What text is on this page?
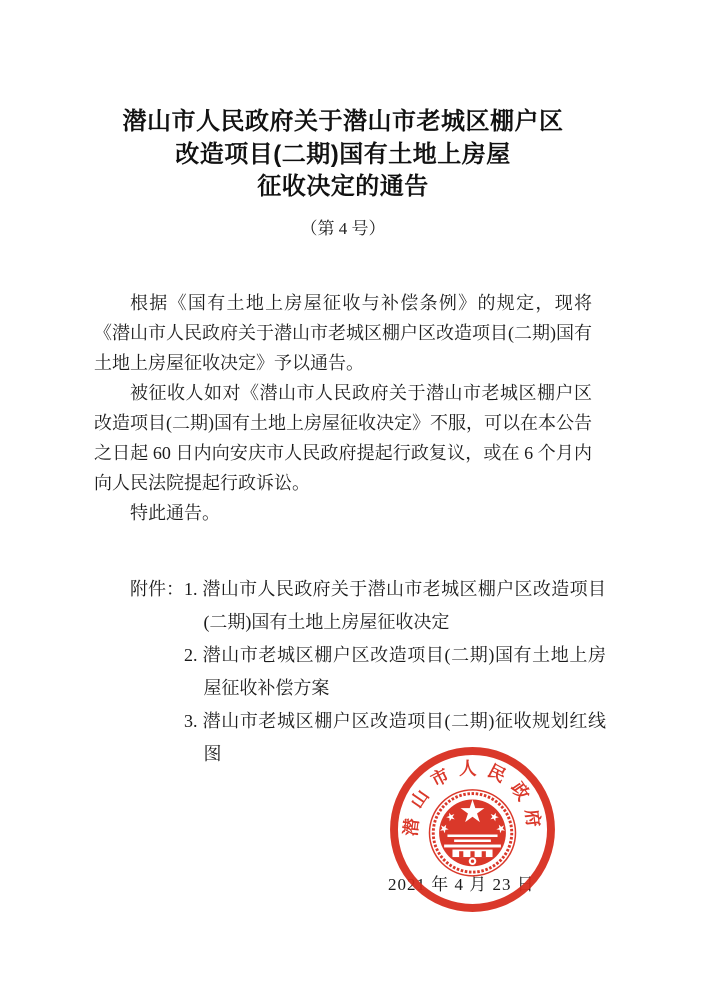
潜山市人民政府关于潜山市老城区棚户区
改造项目(二期)国有土地上房屋
征收决定的通告
（第 4 号）

根据《国有土地上房屋征收与补偿条例》的规定，现将《潜山市人民政府关于潜山市老城区棚户区改造项目(二期)国有土地上房屋征收决定》予以通告。

被征收人如对《潜山市人民政府关于潜山市老城区棚户区改造项目(二期)国有土地上房屋征收决定》不服，可以在本公告之日起 60 日内向安庆市人民政府提起行政复议，或在 6 个月内向人民法院提起行政诉讼。

特此通告。

附件： 1. 潜山市人民政府关于潜山市老城区棚户区改造项目(二期)国有土地上房屋征收决定
2. 潜山市老城区棚户区改造项目(二期)国有土地上房屋征收补偿方案
3. 潜山市老城区棚户区改造项目(二期)征收规划红线图
2021 年 4 月 23 日
潜山市人民政府
